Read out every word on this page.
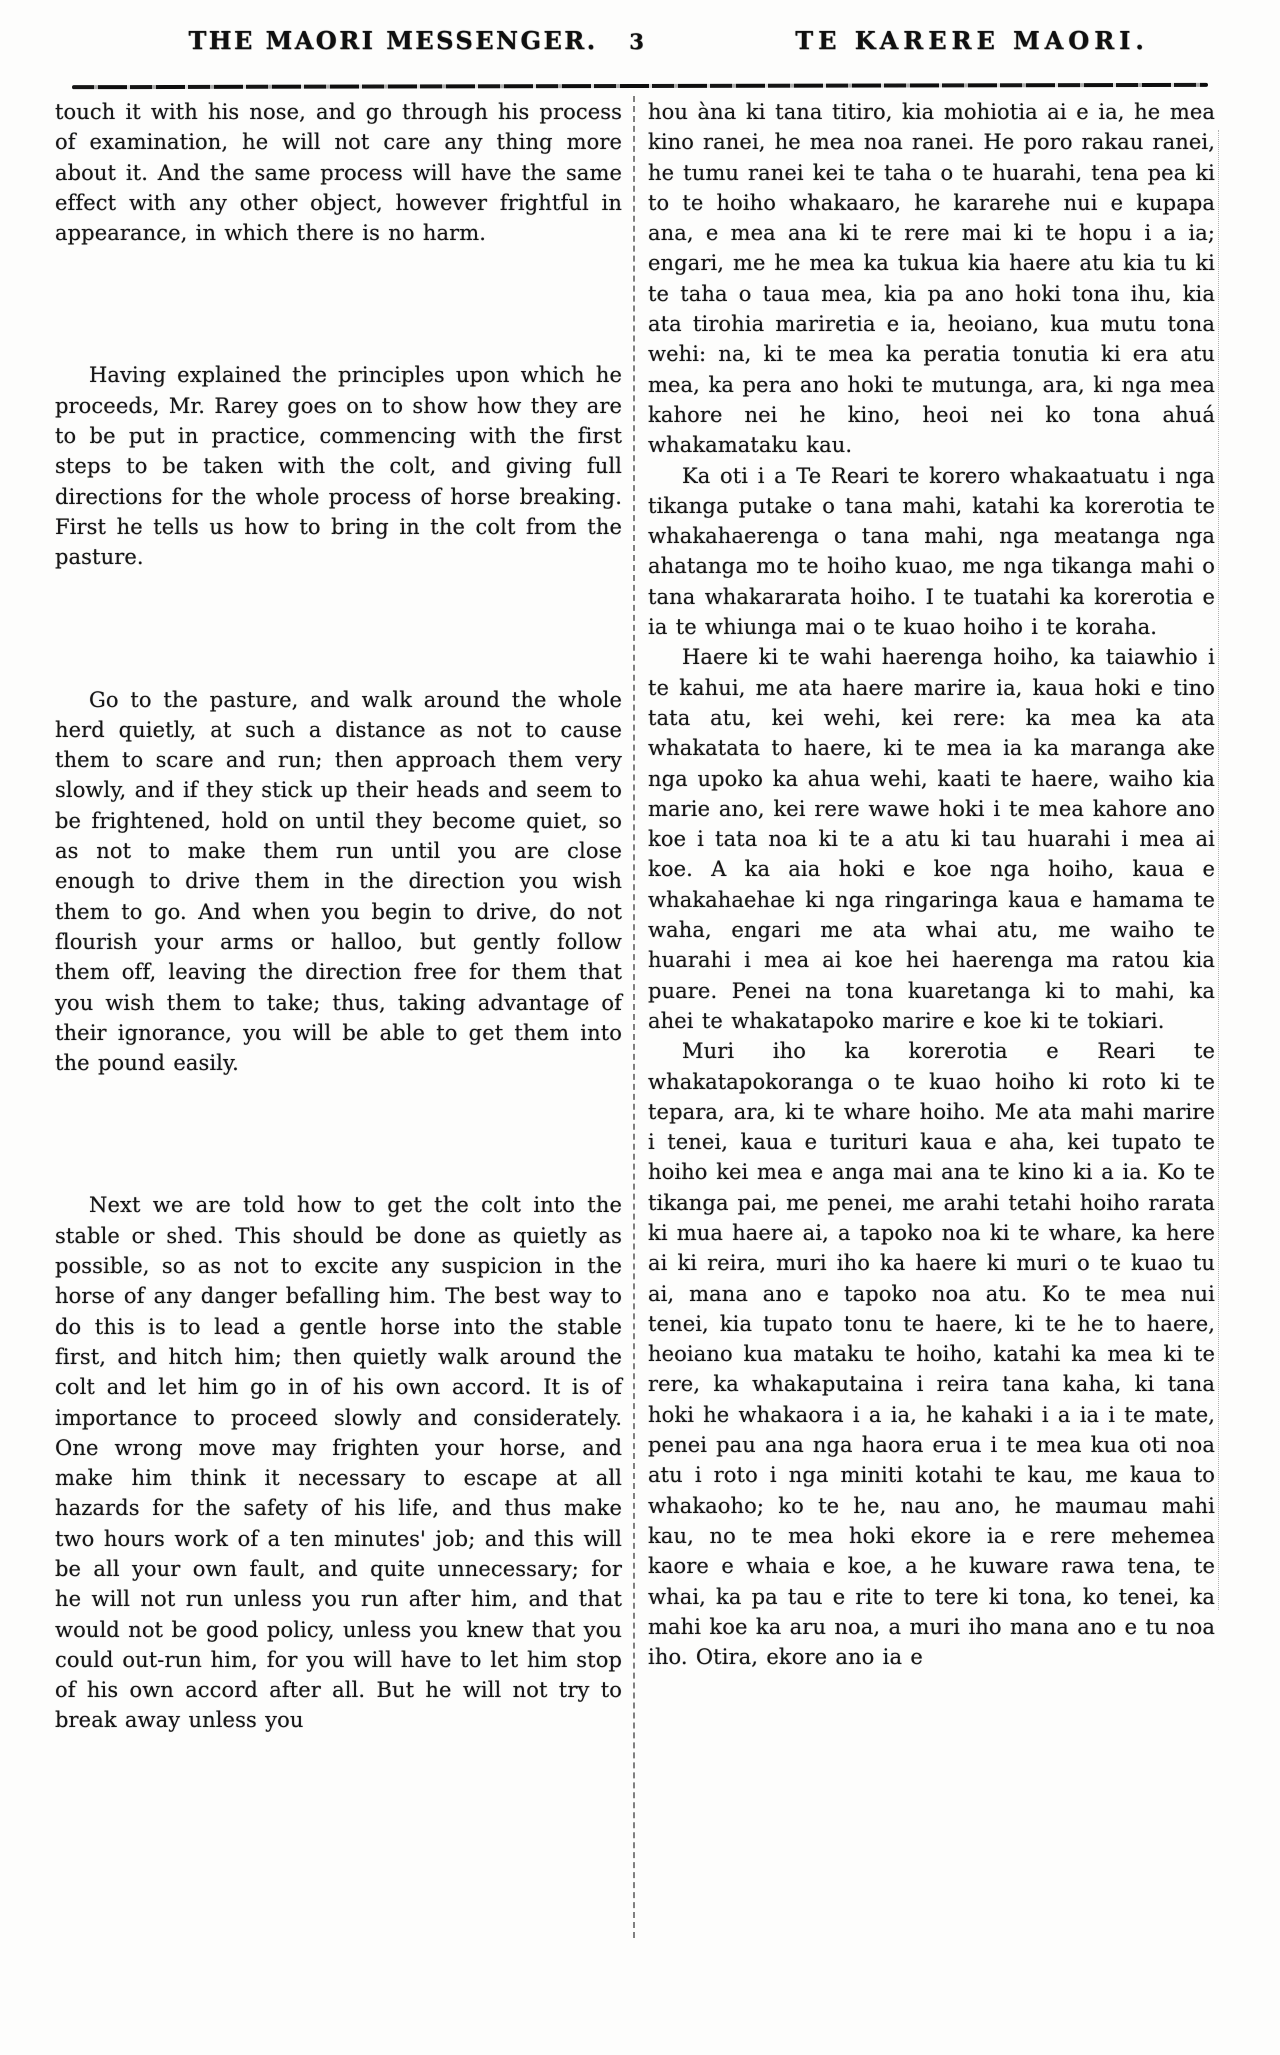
THE MAORI MESSENGER. 3	TE KARERE MAORI.

touch it with his nose, and go through his process of examination, he will not care any thing more about it. And the same process will have the same effect with any other object, however frightful in appearance, in which there is no harm.

Having explained the principles upon which he proceeds, Mr. Rarey goes on to show how they are to be put in practice, commencing with the first steps to be taken with the colt, and giving full directions for the whole process of horse breaking. First he tells us how to bring in the colt from the pasture.

Go to the pasture, and walk around the whole herd quietly, at such a distance as not to cause them to scare and run; then approach them very slowly, and if they stick up their heads and seem to be frightened, hold on until they become quiet, so as not to make them run until you are close enough to drive them in the direction you wish them to go. And when you begin to drive, do not flourish your arms or halloo, but gently follow them off, leaving the direction free for them that you wish them to take; thus, taking advantage of their ignorance, you will be able to get them into the pound easily.

Next we are told how to get the colt into the stable or shed. This should be done as quietly as possible, so as not to excite any suspicion in the horse of any danger befalling him. The best way to do this is to lead a gentle horse into the stable first, and hitch him; then quietly walk around the colt and let him go in of his own accord. It is of importance to proceed slowly and considerately. One wrong move may frighten your horse, and make him think it necessary to escape at all hazards for the safety of his life, and thus make two hours work of a ten minutes' job; and this will be all your own fault, and quite unnecessary; for he will not run unless you run after him, and that would not be good policy, unless you knew that you could out-run him, for you will have to let him stop of his own accord after all. But he will not try to break away unless you

hou àna ki tana titiro, kia mohiotia ai e ia, he mea kino ranei, he mea noa ranei. He poro rakau ranei, he tumu ranei kei te taha o te huarahi, tena pea ki to te hoiho whakaaro, he kararehe nui e kupapa ana, e mea ana ki te rere mai ki te hopu i a ia; engari, me he mea ka tukua kia haere atu kia tu ki te taha o taua mea, kia pa ano hoki tona ihu, kia ata tirohia mariretia e ia, heoiano, kua mutu tona wehi: na, ki te mea ka peratia tonutia ki era atu mea, ka pera ano hoki te mutunga, ara, ki nga mea kahore nei he kino, heoi nei ko tona ahuá whakamataku kau.

Ka oti i a Te Reari te korero whakaatuatu i nga tikanga putake o tana mahi, katahi ka korerotia te whakahaerenga o tana mahi, nga meatanga nga ahatanga mo te hoiho kuao, me nga tikanga mahi o tana whakararata hoiho. I te tuatahi ka korerotia e ia te whiunga mai o te kuao hoiho i te koraha.

Haere ki te wahi haerenga hoiho, ka taiawhio i te kahui, me ata haere marire ia, kaua hoki e tino tata atu, kei wehi, kei rere: ka mea ka ata whakatata to haere, ki te mea ia ka maranga ake nga upoko ka ahua wehi, kaati te haere, waiho kia marie ano, kei rere wawe hoki i te mea kahore ano koe i tata noa ki te a atu ki tau huarahi i mea ai koe. A ka aia hoki e koe nga hoiho, kaua e whakahaehae ki nga ringaringa kaua e hamama te waha, engari me ata whai atu, me waiho te huarahi i mea ai koe hei haerenga ma ratou kia puare. Penei na tona kuaretanga ki to mahi, ka ahei te whakatapoko marire e koe ki te tokiari.

Muri iho ka korerotia e Reari te whakatapokoranga o te kuao hoiho ki roto ki te tepara, ara, ki te whare hoiho. Me ata mahi marire i tenei, kaua e turituri kaua e aha, kei tupato te hoiho kei mea e anga mai ana te kino ki a ia. Ko te tikanga pai, me penei, me arahi tetahi hoiho rarata ki mua haere ai, a tapoko noa ki te whare, ka here ai ki reira, muri iho ka haere ki muri o te kuao tu ai, mana ano e tapoko noa atu. Ko te mea nui tenei, kia tupato tonu te haere, ki te he to haere, heoiano kua mataku te hoiho, katahi ka mea ki te rere, ka whakaputaina i reira tana kaha, ki tana hoki he whakaora i a ia, he kahaki i a ia i te mate, penei pau ana nga haora erua i te mea kua oti noa atu i roto i nga miniti kotahi te kau, me kaua to whakaoho; ko te he, nau ano, he maumau mahi kau, no te mea hoki ekore ia e rere mehemea kaore e whaia e koe, a he kuware rawa tena, te whai, ka pa tau e rite to tere ki tona, ko tenei, ka mahi koe ka aru noa, a muri iho mana ano e tu noa iho. Otira, ekore ano ia e
